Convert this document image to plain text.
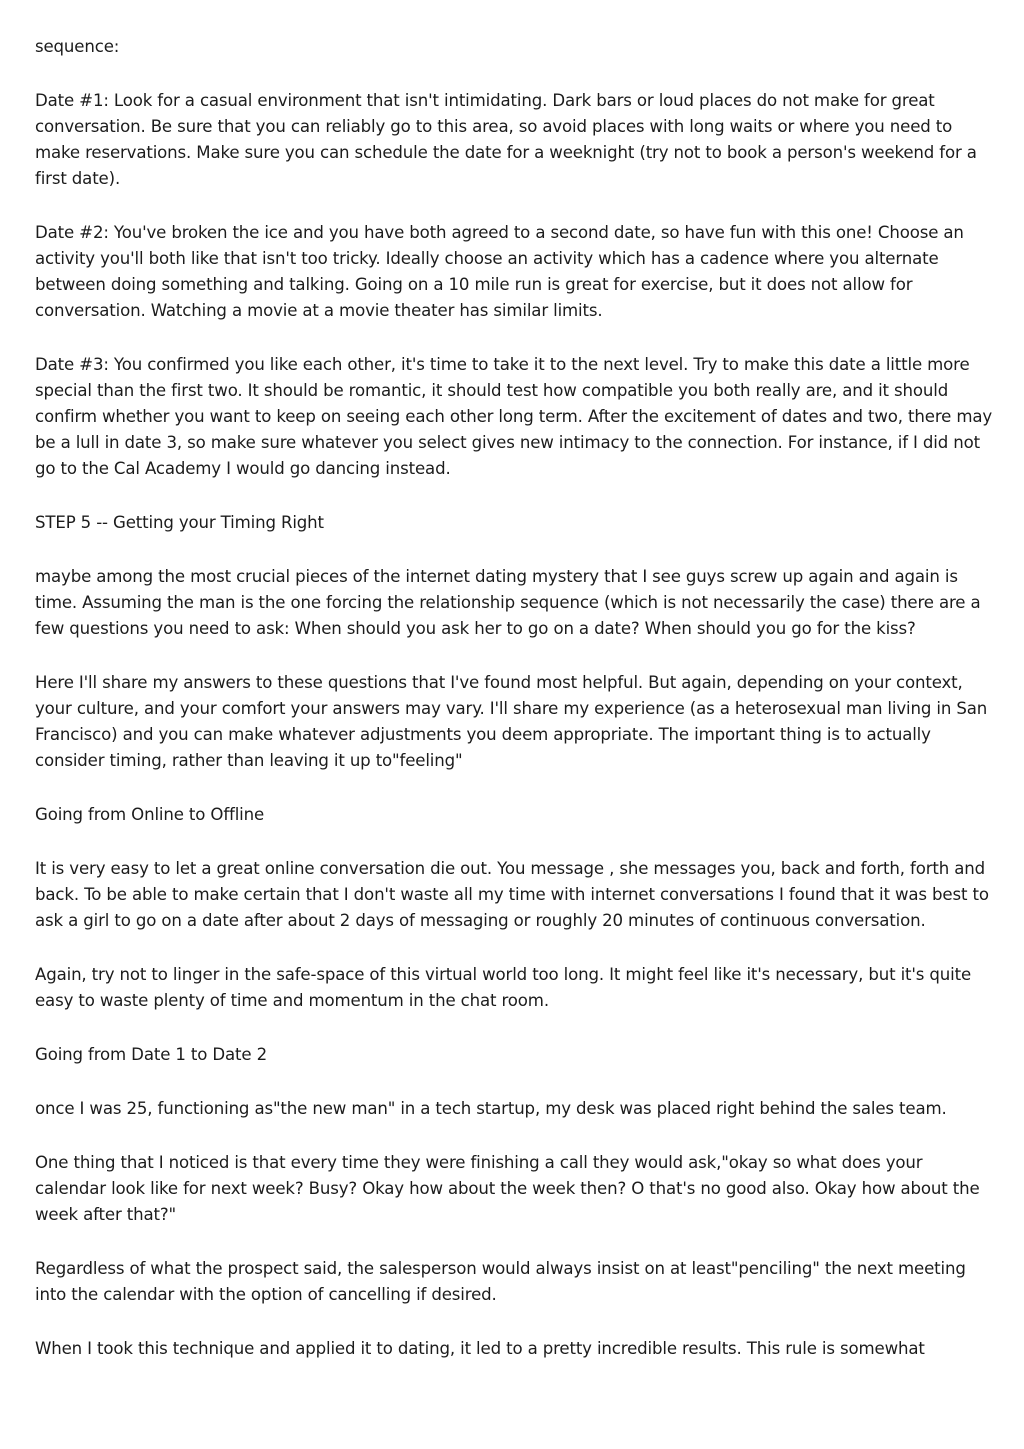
sequence:

Date #1: Look for a casual environment that isn't intimidating. Dark bars or loud places do not make for great conversation. Be sure that you can reliably go to this area, so avoid places with long waits or where you need to make reservations. Make sure you can schedule the date for a weeknight (try not to book a person's weekend for a first date).

Date #2: You've broken the ice and you have both agreed to a second date, so have fun with this one! Choose an activity you'll both like that isn't too tricky. Ideally choose an activity which has a cadence where you alternate between doing something and talking. Going on a 10 mile run is great for exercise, but it does not allow for conversation. Watching a movie at a movie theater has similar limits.

Date #3: You confirmed you like each other, it's time to take it to the next level. Try to make this date a little more special than the first two. It should be romantic, it should test how compatible you both really are, and it should confirm whether you want to keep on seeing each other long term. After the excitement of dates and two, there may be a lull in date 3, so make sure whatever you select gives new intimacy to the connection. For instance, if I did not go to the Cal Academy I would go dancing instead.

STEP 5 -- Getting your Timing Right

maybe among the most crucial pieces of the internet dating mystery that I see guys screw up again and again is time. Assuming the man is the one forcing the relationship sequence (which is not necessarily the case) there are a few questions you need to ask: When should you ask her to go on a date? When should you go for the kiss?

Here I'll share my answers to these questions that I've found most helpful. But again, depending on your context, your culture, and your comfort your answers may vary. I'll share my experience (as a heterosexual man living in San Francisco) and you can make whatever adjustments you deem appropriate. The important thing is to actually consider timing, rather than leaving it up to"feeling"

Going from Online to Offline

It is very easy to let a great online conversation die out. You message , she messages you, back and forth, forth and back. To be able to make certain that I don't waste all my time with internet conversations I found that it was best to ask a girl to go on a date after about 2 days of messaging or roughly 20 minutes of continuous conversation.

Again, try not to linger in the safe-space of this virtual world too long. It might feel like it's necessary, but it's quite easy to waste plenty of time and momentum in the chat room.

Going from Date 1 to Date 2

once I was 25, functioning as"the new man" in a tech startup, my desk was placed right behind the sales team.

One thing that I noticed is that every time they were finishing a call they would ask,"okay so what does your calendar look like for next week? Busy? Okay how about the week then? O that's no good also. Okay how about the week after that?"

Regardless of what the prospect said, the salesperson would always insist on at least"penciling" the next meeting into the calendar with the option of cancelling if desired.

When I took this technique and applied it to dating, it led to a pretty incredible results. This rule is somewhat
